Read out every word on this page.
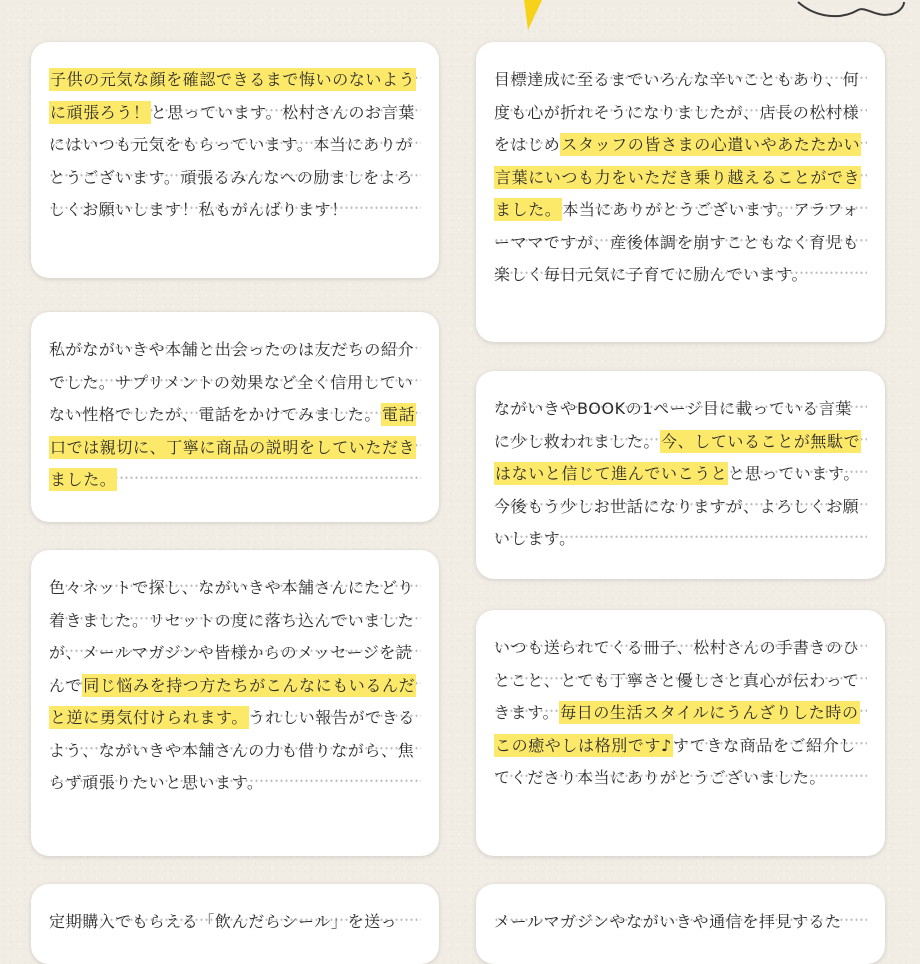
子供の元気な顔を確認できるまで悔いのないように頑張ろう！と思っています。松村さんのお言葉にはいつも元気をもらっています。本当にありがとうございます。頑張るみんなへの励ましをよろしくお願いします！私もがんばります！
目標達成に至るまでいろんな辛いこともあり、何度も心が折れそうになりましたが、店長の松村様をはじめスタッフの皆さまの心遣いやあたたかい言葉にいつも力をいただき乗り越えることができました。本当にありがとうございます。アラフォーママですが、産後体調を崩すこともなく育児も楽しく毎日元気に子育てに励んでいます。
私がながいきや本舗と出会ったのは友だちの紹介でした。サプリメントの効果など全く信用していない性格でしたが、電話をかけてみました。電話口では親切に、丁寧に商品の説明をしていただきました。
ながいきやBOOKの1ページ目に載っている言葉に少し救われました。今、していることが無駄ではないと信じて進んでいこうとと思っています。今後もう少しお世話になりますが、よろしくお願いします。
色々ネットで探し、ながいきや本舗さんにたどり着きました。リセットの度に落ち込んでいましたが、メールマガジンや皆様からのメッセージを読んで同じ悩みを持つ方たちがこんなにもいるんだと逆に勇気付けられます。うれしい報告ができるよう、ながいきや本舗さんの力も借りながら、焦らず頑張りたいと思います。
いつも送られてくる冊子、松村さんの手書きのひとこと、とても丁寧さと優しさと真心が伝わってきます。毎日の生活スタイルにうんざりした時のこの癒やしは格別です♪すてきな商品をご紹介してくださり本当にありがとうございました。
定期購入でもらえる「飲んだらシール」を送っ	メールマガジンやながいきや通信を拝見するた
